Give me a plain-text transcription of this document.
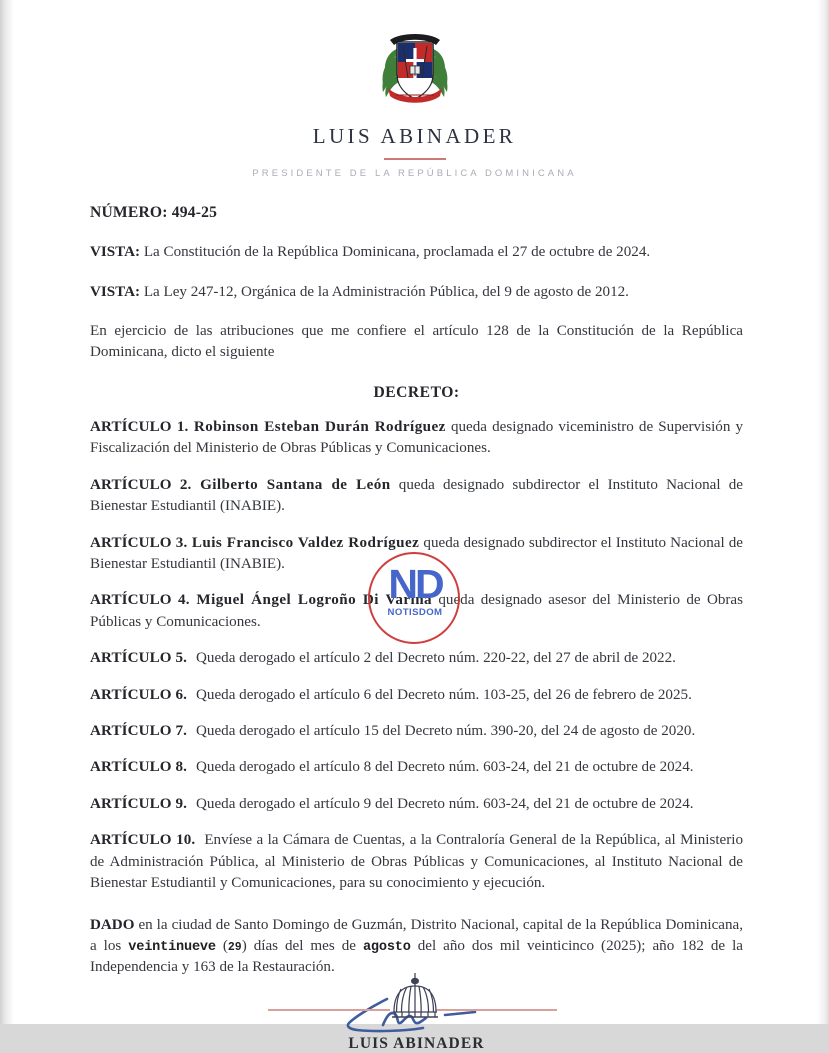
LUIS ABINADER
PRESIDENTE DE LA REPÚBLICA DOMINICANA
NÚMERO: 494-25
VISTA: La Constitución de la República Dominicana, proclamada el 27 de octubre de 2024.
VISTA: La Ley 247-12, Orgánica de la Administración Pública, del 9 de agosto de 2012.
En ejercicio de las atribuciones que me confiere el artículo 128 de la Constitución de la República Dominicana, dicto el siguiente
DECRETO:
ARTÍCULO 1. Robinson Esteban Durán Rodríguez queda designado viceministro de Supervisión y Fiscalización del Ministerio de Obras Públicas y Comunicaciones.
ARTÍCULO 2. Gilberto Santana de León queda designado subdirector el Instituto Nacional de Bienestar Estudiantil (INABIE).
ARTÍCULO 3. Luis Francisco Valdez Rodríguez queda designado subdirector el Instituto Nacional de Bienestar Estudiantil (INABIE).
ARTÍCULO 4. Miguel Ángel Logroño Di Varina queda designado asesor del Ministerio de Obras Públicas y Comunicaciones.
ARTÍCULO 5. Queda derogado el artículo 2 del Decreto núm. 220-22, del 27 de abril de 2022.
ARTÍCULO 6. Queda derogado el artículo 6 del Decreto núm. 103-25, del 26 de febrero de 2025.
ARTÍCULO 7. Queda derogado el artículo 15 del Decreto núm. 390-20, del 24 de agosto de 2020.
ARTÍCULO 8. Queda derogado el artículo 8 del Decreto núm. 603-24, del 21 de octubre de 2024.
ARTÍCULO 9. Queda derogado el artículo 9 del Decreto núm. 603-24, del 21 de octubre de 2024.
ARTÍCULO 10. Envíese a la Cámara de Cuentas, a la Contraloría General de la República, al Ministerio de Administración Pública, al Ministerio de Obras Públicas y Comunicaciones, al Instituto Nacional de Bienestar Estudiantil y Comunicaciones, para su conocimiento y ejecución.
DADO en la ciudad de Santo Domingo de Guzmán, Distrito Nacional, capital de la República Dominicana, a los veintinueve (29) días del mes de agosto del año dos mil veinticinco (2025); año 182 de la Independencia y 163 de la Restauración.
LUIS ABINADER
ND
NOTISDOM
